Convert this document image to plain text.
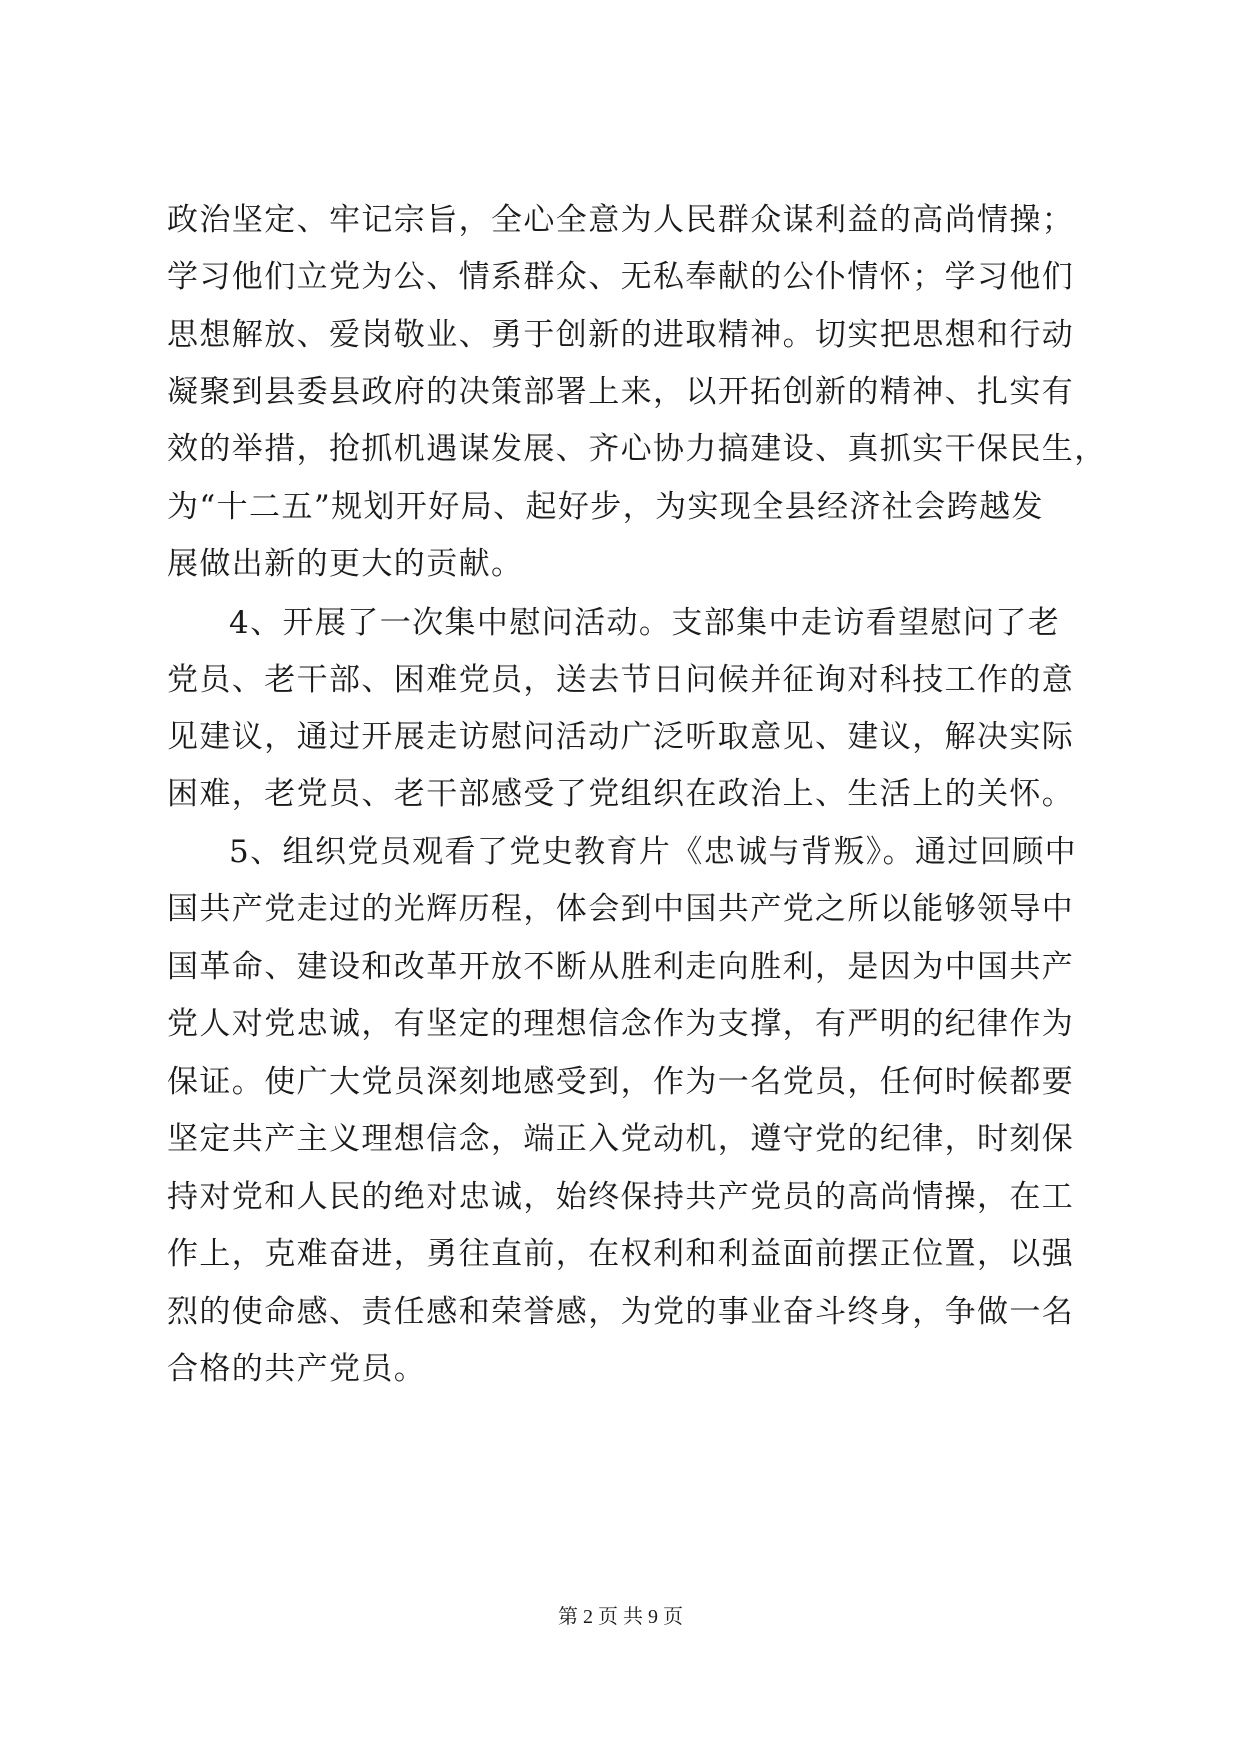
政治坚定、牢记宗旨，全心全意为人民群众谋利益的高尚情操；
学习他们立党为公、情系群众、无私奉献的公仆情怀；学习他们
思想解放、爱岗敬业、勇于创新的进取精神。切实把思想和行动
凝聚到县委县政府的决策部署上来，以开拓创新的精神、扎实有
效的举措，抢抓机遇谋发展、齐心协力搞建设、真抓实干保民生，
为“十二五”规划开好局、起好步，为实现全县经济社会跨越发
展做出新的更大的贡献。
4、开展了一次集中慰问活动。支部集中走访看望慰问了老
党员、老干部、困难党员，送去节日问候并征询对科技工作的意
见建议，通过开展走访慰问活动广泛听取意见、建议，解决实际
困难，老党员、老干部感受了党组织在政治上、生活上的关怀。
5、组织党员观看了党史教育片《忠诚与背叛》。通过回顾中
国共产党走过的光辉历程，体会到中国共产党之所以能够领导中
国革命、建设和改革开放不断从胜利走向胜利，是因为中国共产
党人对党忠诚，有坚定的理想信念作为支撑，有严明的纪律作为
保证。使广大党员深刻地感受到，作为一名党员，任何时候都要
坚定共产主义理想信念，端正入党动机，遵守党的纪律，时刻保
持对党和人民的绝对忠诚，始终保持共产党员的高尚情操，在工
作上，克难奋进，勇往直前，在权利和利益面前摆正位置，以强
烈的使命感、责任感和荣誉感，为党的事业奋斗终身，争做一名
合格的共产党员。
第 2 页 共 9 页
